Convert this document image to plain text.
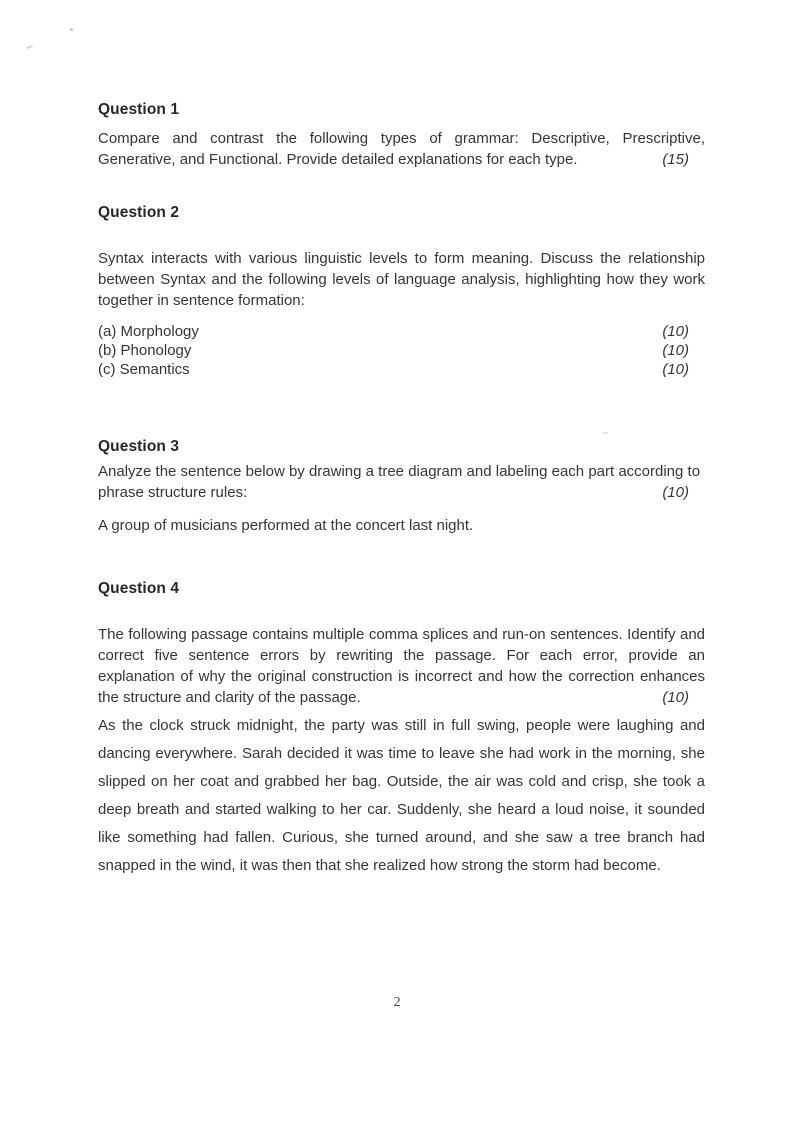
Question 1
Compare and contrast the following types of grammar: Descriptive, Prescriptive, Generative, and Functional. Provide detailed explanations for each type.	(15)
Question 2
Syntax interacts with various linguistic levels to form meaning. Discuss the relationship between Syntax and the following levels of language analysis, highlighting how they work together in sentence formation:
(a) Morphology	(10)
(b) Phonology	(10)
(c) Semantics	(10)
Question 3
Analyze the sentence below by drawing a tree diagram and labeling each part according to phrase structure rules:	(10)
A group of musicians performed at the concert last night.
Question 4
The following passage contains multiple comma splices and run-on sentences. Identify and correct five sentence errors by rewriting the passage. For each error, provide an explanation of why the original construction is incorrect and how the correction enhances the structure and clarity of the passage.	(10)
As the clock struck midnight, the party was still in full swing, people were laughing and dancing everywhere. Sarah decided it was time to leave she had work in the morning, she slipped on her coat and grabbed her bag. Outside, the air was cold and crisp, she took a deep breath and started walking to her car. Suddenly, she heard a loud noise, it sounded like something had fallen. Curious, she turned around, and she saw a tree branch had snapped in the wind, it was then that she realized how strong the storm had become.
2
